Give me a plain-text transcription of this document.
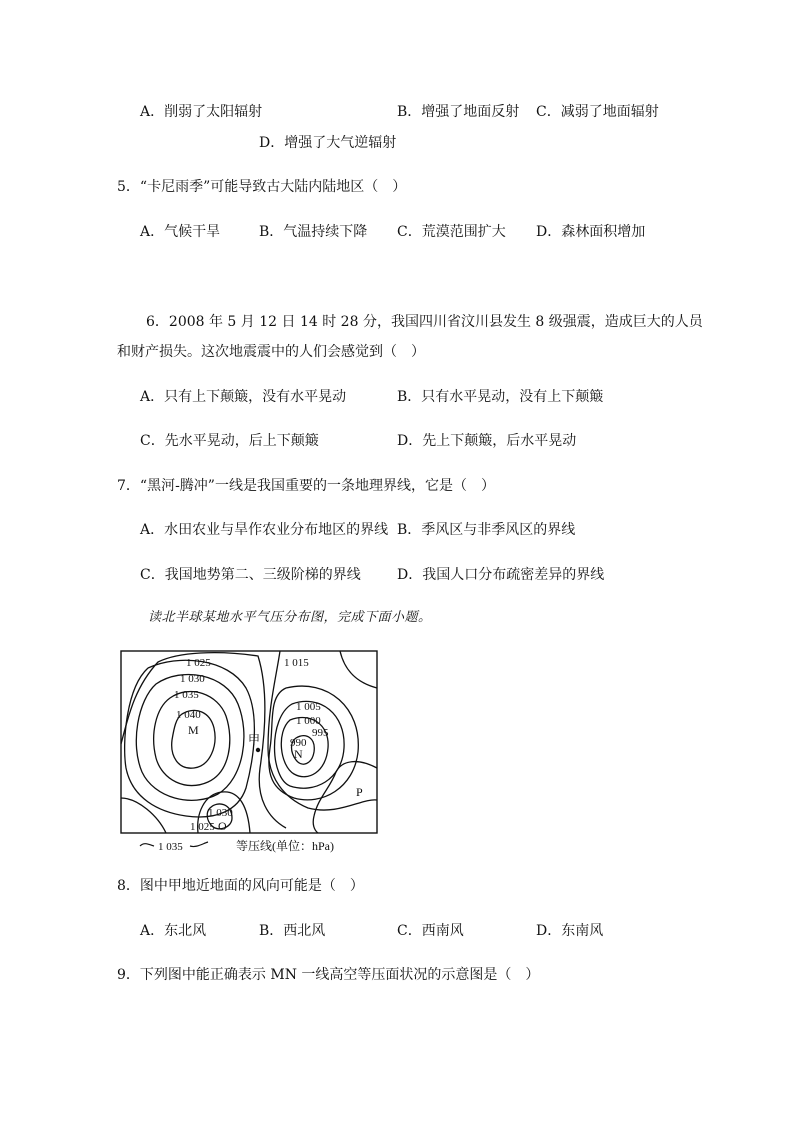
A．削弱了太阳辐射	B．增强了地面反射 C．减弱了地面辐射
D．增强了大气逆辐射
5．“卡尼雨季”可能导致古大陆内陆地区（　）
A．气候干旱	B．气温持续下降 C．荒漠范围扩大 D．森林面积增加
6．2008 年 5 月 12 日 14 时 28 分，我国四川省汶川县发生 8 级强震，造成巨大的人员
和财产损失。这次地震震中的人们会感觉到（　）
A．只有上下颠簸，没有水平晃动	B．只有水平晃动，没有上下颠簸
C．先水平晃动，后上下颠簸	D．先上下颠簸，后水平晃动
7．“黑河-腾冲”一线是我国重要的一条地理界线，它是（　）
A．水田农业与旱作农业分布地区的界线 B．季风区与非季风区的界线
C．我国地势第二、三级阶梯的界线	D．我国人口分布疏密差异的界线
读北半球某地水平气压分布图，完成下面小题。
1 025	1 015
1 030
1 035
1 040
M
甲
1 005
1 000
995
990
N
P
1 030
1 025 O
1 035	等压线(单位：hPa)
8．图中甲地近地面的风向可能是（　）
A．东北风	B．西北风	C．西南风	D．东南风
9．下列图中能正确表示 MN 一线高空等压面状况的示意图是（　）
